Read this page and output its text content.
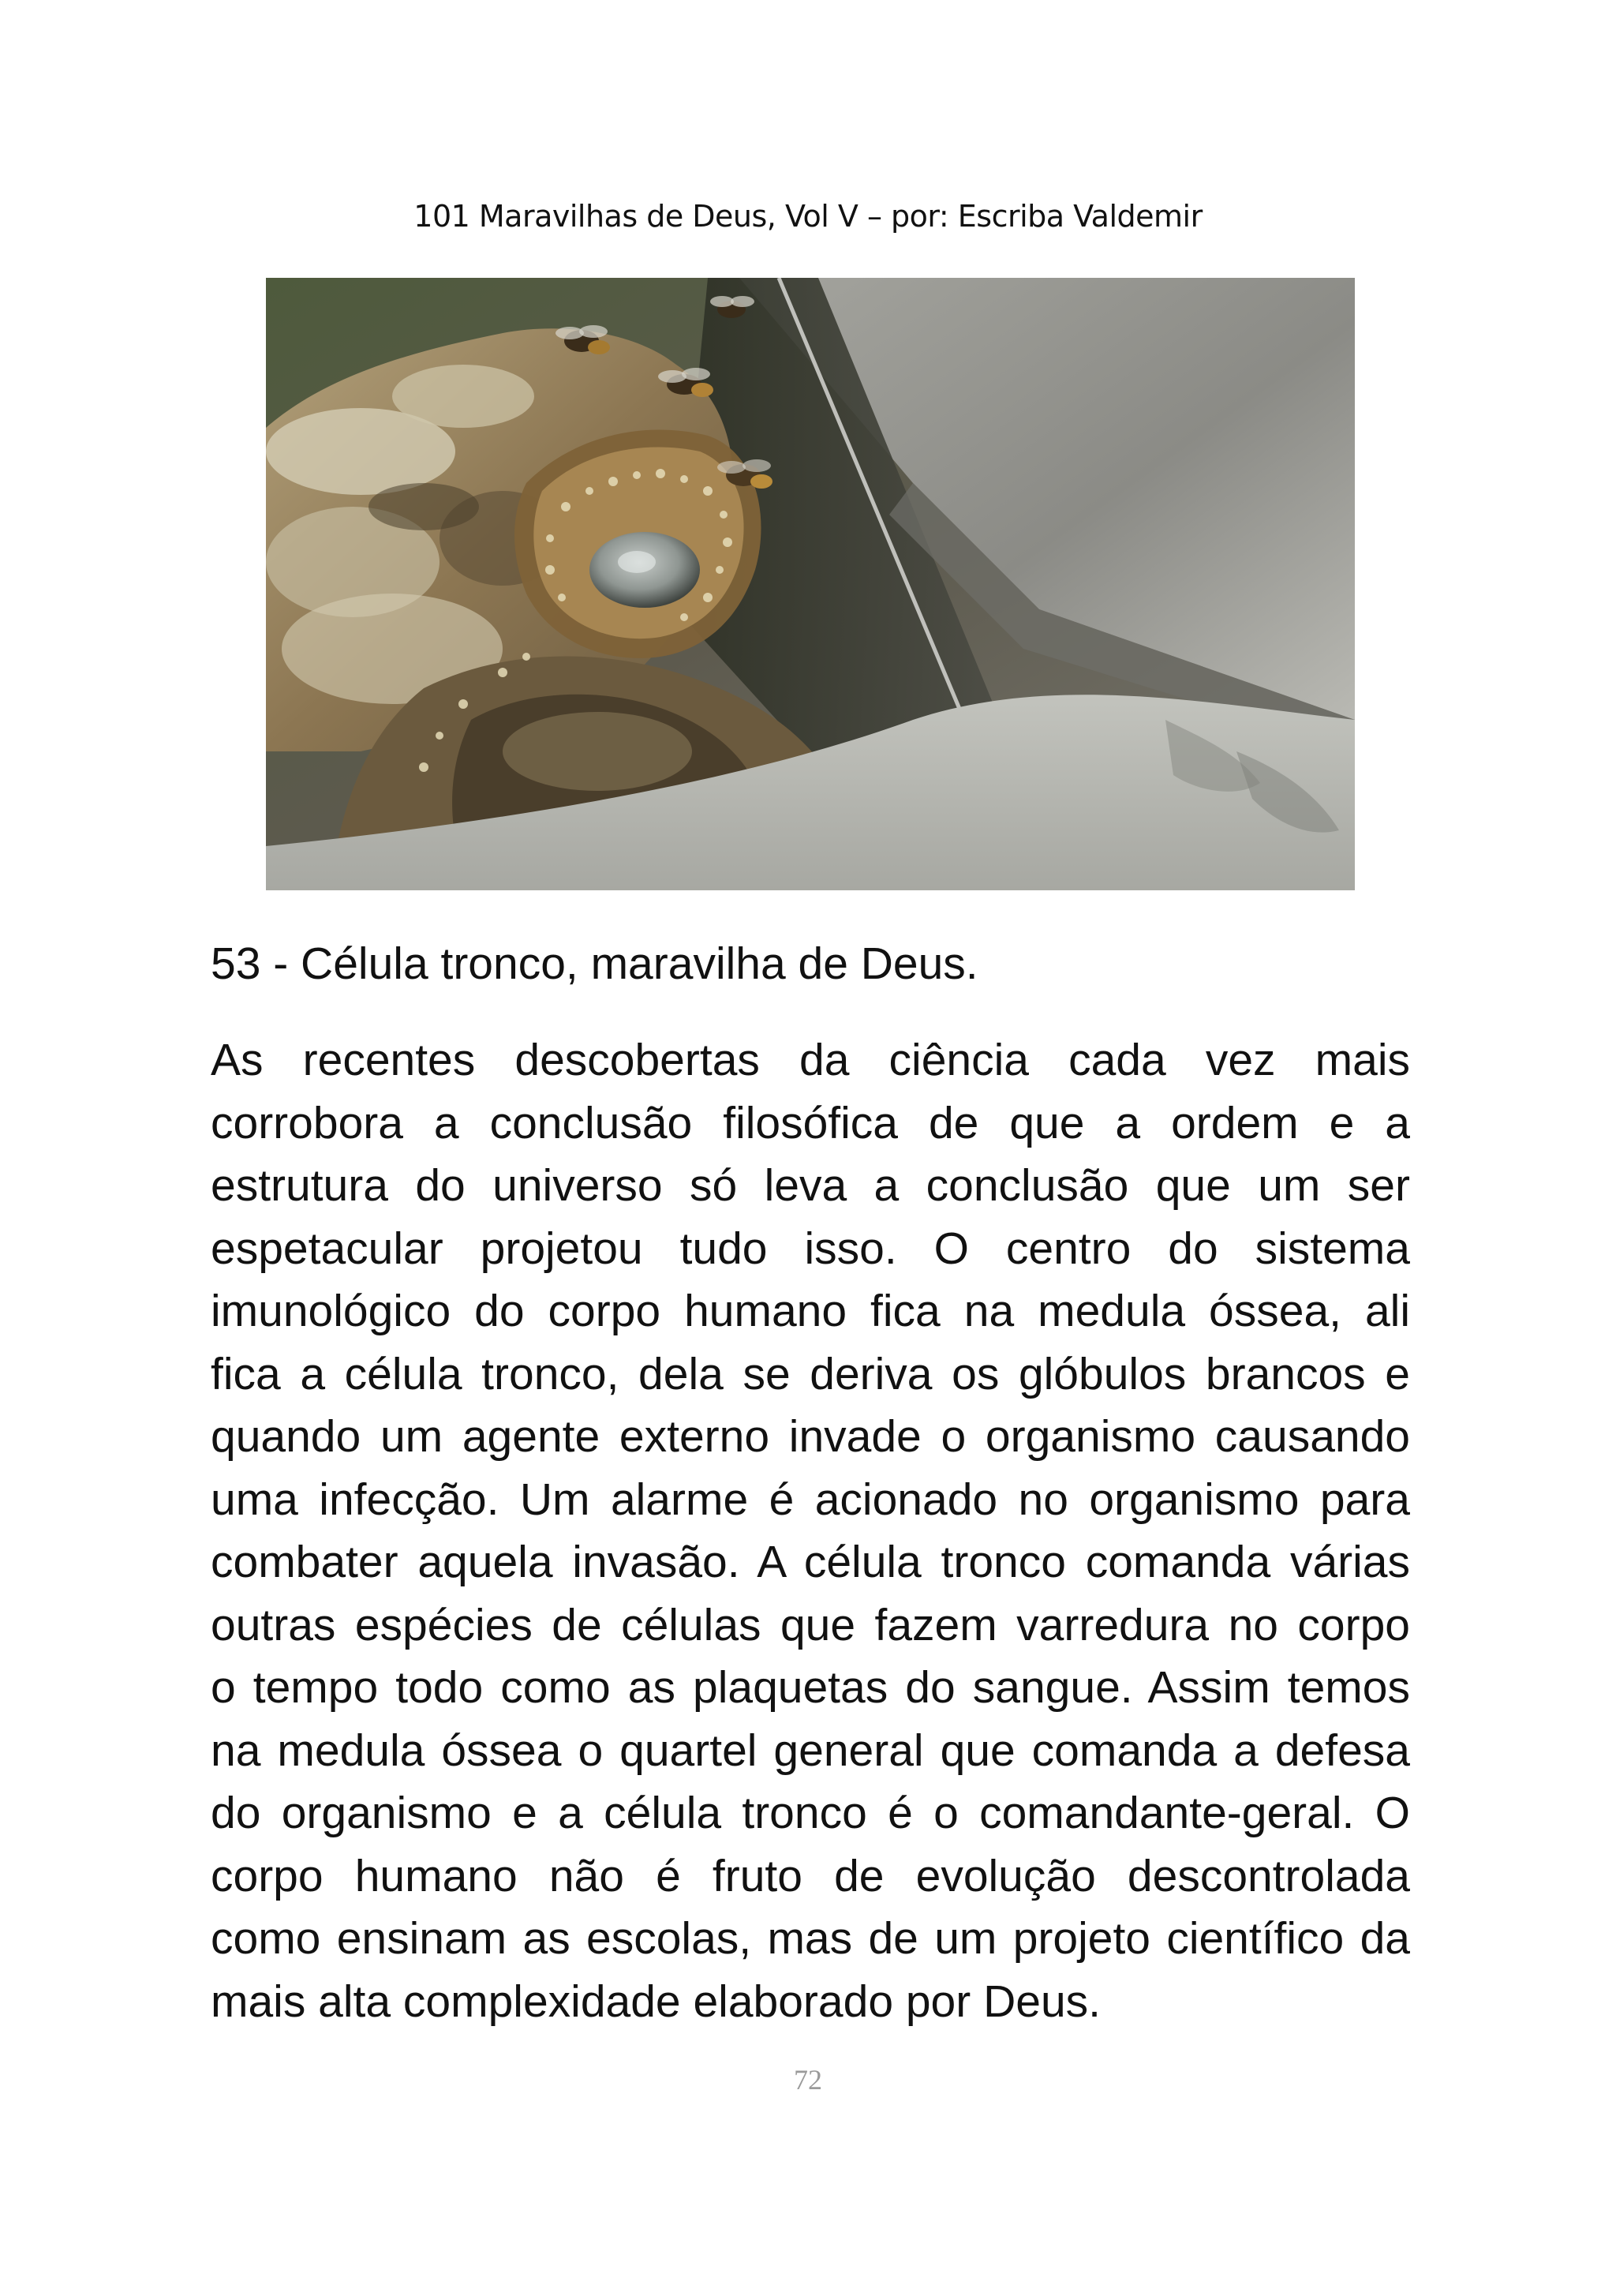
101 Maravilhas de Deus, Vol V – por: Escriba Valdemir
53 - Célula tronco, maravilha de Deus.
As recentes descobertas da ciência cada vez mais
corrobora a conclusão filosófica de que a ordem e a
estrutura do universo só leva a conclusão que um ser
espetacular projetou tudo isso. O centro do sistema
imunológico do corpo humano fica na medula óssea, ali
fica a célula tronco, dela se deriva os glóbulos brancos e
quando um agente externo invade o organismo causando
uma infecção. Um alarme é acionado no organismo para
combater aquela invasão. A célula tronco comanda várias
outras espécies de células que fazem varredura no corpo
o tempo todo como as plaquetas do sangue. Assim temos
na medula óssea o quartel general que comanda a defesa
do organismo e a célula tronco é o comandante-geral. O
corpo humano não é fruto de evolução descontrolada
como ensinam as escolas, mas de um projeto científico da
mais alta complexidade elaborado por Deus.
72
